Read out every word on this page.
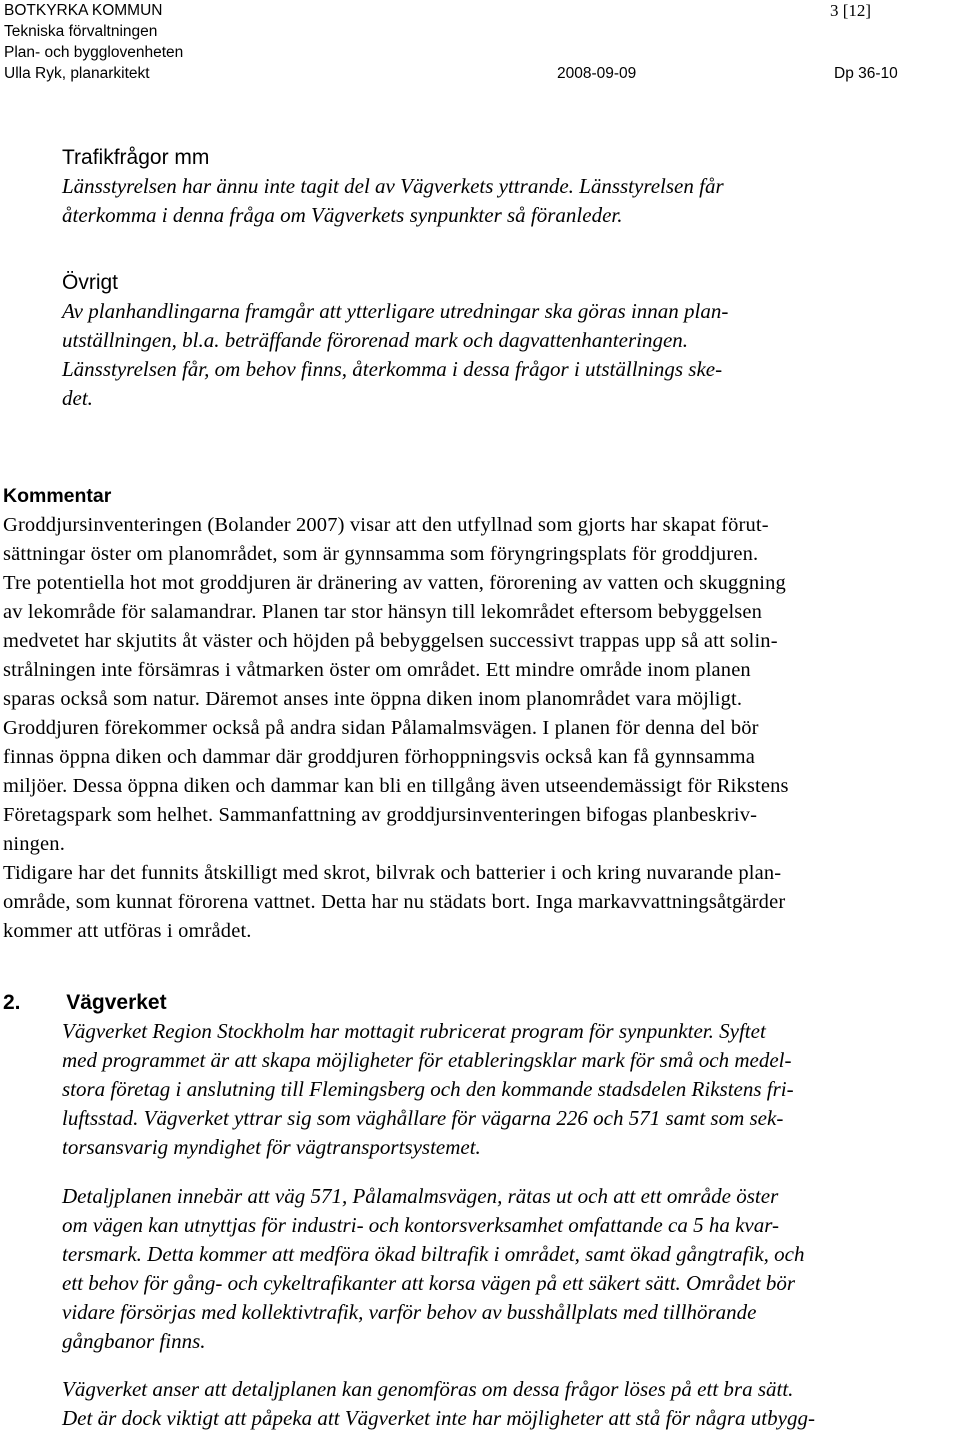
BOTKYRKA KOMMUN	3 [12]
Tekniska förvaltningen
Plan- och bygglovenheten
Ulla Ryk, planarkitekt	2008-09-09	Dp 36-10
Trafikfrågor mm
Länsstyrelsen har ännu inte tagit del av Vägverkets yttrande. Länsstyrelsen får
återkomma i denna fråga om Vägverkets synpunkter så föranleder.
Övrigt
Av planhandlingarna framgår att ytterligare utredningar ska göras innan plan-
utställningen, bl.a. beträffande förorenad mark och dagvattenhanteringen.
Länsstyrelsen får, om behov finns, återkomma i dessa frågor i utställnings ske-
det.
Kommentar
Groddjursinventeringen (Bolander 2007) visar att den utfyllnad som gjorts har skapat förut-
sättningar öster om planområdet, som är gynnsamma som föryngringsplats för groddjuren.
Tre potentiella hot mot groddjuren är dränering av vatten, förorening av vatten och skuggning
av lekområde för salamandrar. Planen tar stor hänsyn till lekområdet eftersom bebyggelsen
medvetet har skjutits åt väster och höjden på bebyggelsen successivt trappas upp så att solin-
strålningen inte försämras i våtmarken öster om området. Ett mindre område inom planen
sparas också som natur. Däremot anses inte öppna diken inom planområdet vara möjligt.
Groddjuren förekommer också på andra sidan Pålamalmsvägen. I planen för denna del bör
finnas öppna diken och dammar där groddjuren förhoppningsvis också kan få gynnsamma
miljöer. Dessa öppna diken och dammar kan bli en tillgång även utseendemässigt för Rikstens
Företagspark som helhet. Sammanfattning av groddjursinventeringen bifogas planbeskriv-
ningen.
Tidigare har det funnits åtskilligt med skrot, bilvrak och batterier i och kring nuvarande plan-
område, som kunnat förorena vattnet. Detta har nu städats bort. Inga markavvattningsåtgärder
kommer att utföras i området.
2. Vägverket
Vägverket Region Stockholm har mottagit rubricerat program för synpunkter. Syftet
med programmet är att skapa möjligheter för etableringsklar mark för små och medel-
stora företag i anslutning till Flemingsberg och den kommande stadsdelen Rikstens fri-
luftsstad. Vägverket yttrar sig som väghållare för vägarna 226 och 571 samt som sek-
torsansvarig myndighet för vägtransportsystemet.
Detaljplanen innebär att väg 571, Pålamalmsvägen, rätas ut och att ett område öster
om vägen kan utnyttjas för industri- och kontorsverksamhet omfattande ca 5 ha kvar-
tersmark. Detta kommer att medföra ökad biltrafik i området, samt ökad gångtrafik, och
ett behov för gång- och cykeltrafikanter att korsa vägen på ett säkert sätt. Området bör
vidare försörjas med kollektivtrafik, varför behov av busshållplats med tillhörande
gångbanor finns.
Vägverket anser att detaljplanen kan genomföras om dessa frågor löses på ett bra sätt.
Det är dock viktigt att påpeka att Vägverket inte har möjligheter att stå för några utbygg-
